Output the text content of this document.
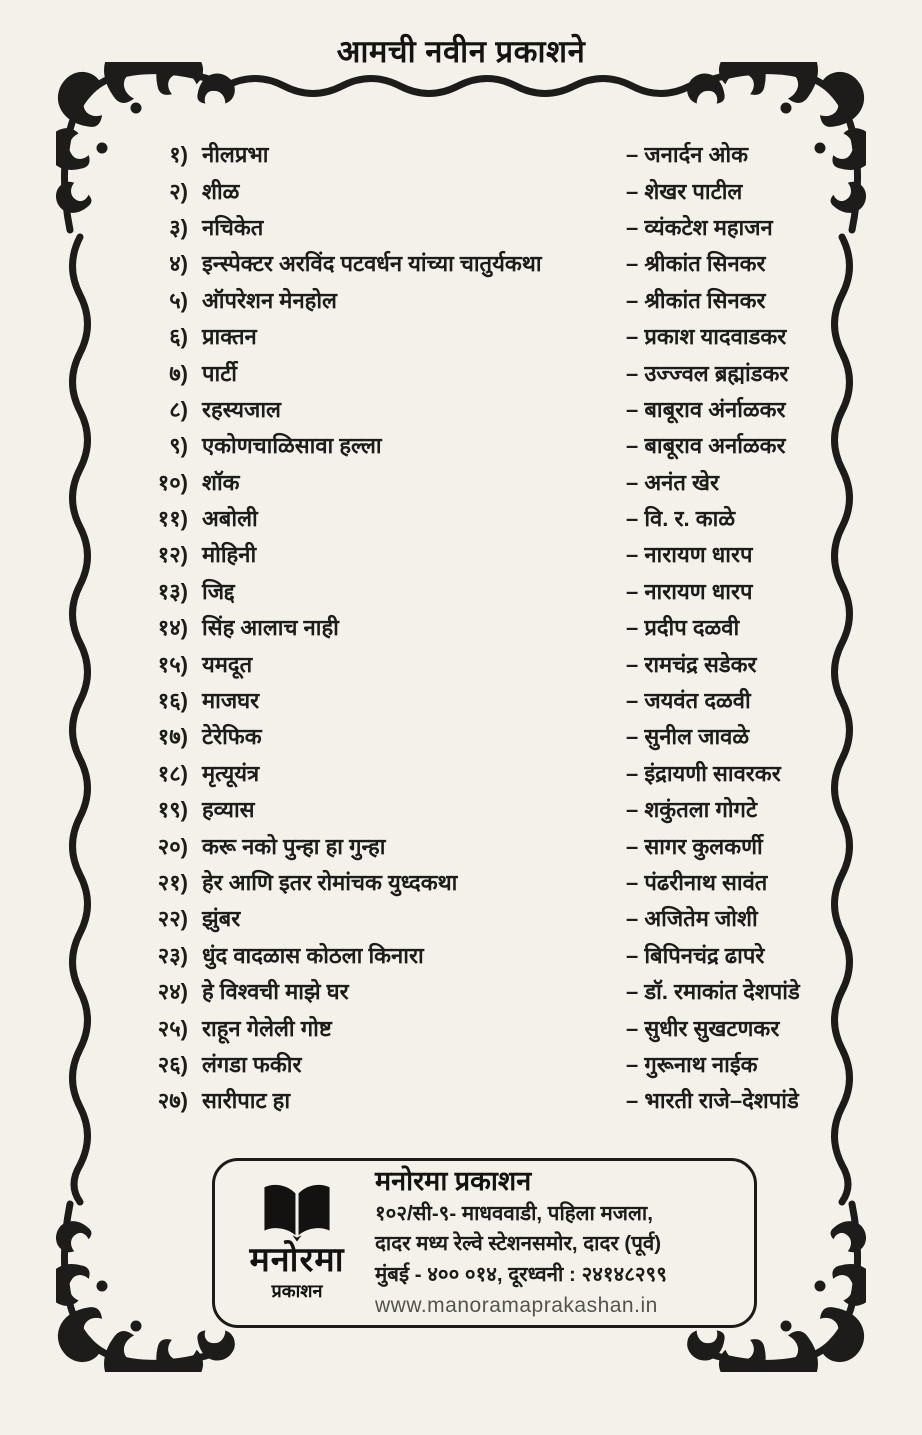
आमची नवीन प्रकाशने
१) नीलप्रभा	– जनार्दन ओक
२) शीळ	– शेखर पाटील
३) नचिकेत	– व्यंकटेश महाजन
४) इन्स्पेक्टर अरविंद पटवर्धन यांच्या चातुर्यकथा	– श्रीकांत सिनकर
५) ऑपरेशन मेनहोल	– श्रीकांत सिनकर
६) प्राक्तन	– प्रकाश यादवाडकर
७) पार्टी	– उज्ज्वल ब्रह्मांडकर
८) रहस्यजाल	– बाबूराव अंर्नाळकर
९) एकोणचाळिसावा हल्ला	– बाबूराव अर्नाळकर
१०) शॉक	– अनंत खेर
११) अबोली	– वि. र. काळे
१२) मोहिनी	– नारायण धारप
१३) जिद्द	– नारायण धारप
१४) सिंह आलाच नाही	– प्रदीप दळवी
१५) यमदूत	– रामचंद्र सडेकर
१६) माजघर	– जयवंत दळवी
१७) टेरेफिक	– सुनील जावळे
१८) मृत्यूयंत्र	– इंद्रायणी सावरकर
१९) हव्यास	– शकुंतला गोगटे
२०) करू नको पुन्हा हा गुन्हा	– सागर कुलकर्णी
२१) हेर आणि इतर रोमांचक युध्दकथा	– पंढरीनाथ सावंत
२२) झुंबर	– अजितेम जोशी
२३) धुंद वादळास कोठला किनारा	– बिपिनचंद्र ढापरे
२४) हे विश्वची माझे घर	– डॉ. रमाकांत देशपांडे
२५) राहून गेलेली गोष्ट	– सुधीर सुखटणकर
२६) लंगडा फकीर	– गुरूनाथ नाईक
२७) सारीपाट हा	– भारती राजे–देशपांडे
मनोरमा
प्रकाशन
मनोरमा प्रकाशन
१०२/सी-९- माधववाडी, पहिला मजला,
दादर मध्य रेल्वे स्टेशनसमोर, दादर (पूर्व)
मुंबई - ४०० ०१४, दूरध्वनी : २४१४८२९९
www.manoramaprakashan.in
